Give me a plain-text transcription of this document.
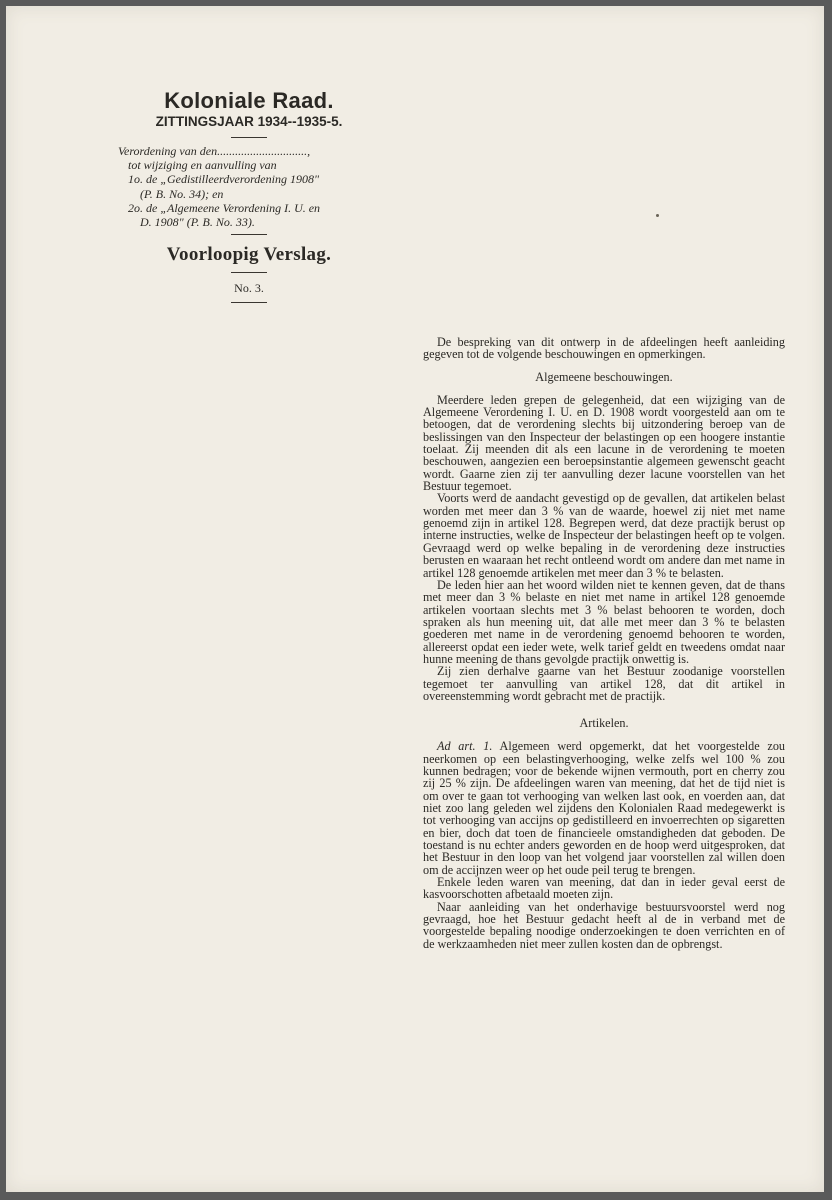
Koloniale Raad.

ZITTINGSJAAR 1934--1935-5.

Verordening van den..............................,
tot wijziging en aanvulling van
1o. de „Gedistilleerdverordening 1908"
(P. B. No. 34); en
2o. de „Algemeene Verordening I. U. en
D. 1908" (P. B. No. 33).

Voorloopig Verslag.

No. 3.

De bespreking van dit ontwerp in de afdeelingen heeft aanleiding gegeven tot de volgende beschouwingen en opmerkingen.

Algemeene beschouwingen.

Meerdere leden grepen de gelegenheid, dat een wijziging van de Algemeene Verordening I. U. en D. 1908 wordt voorgesteld aan om te betoogen, dat de verordening slechts bij uitzondering beroep van de beslissingen van den Inspecteur der belastingen op een hoogere instantie toelaat. Zij meenden dit als een lacune in de verordening te moeten beschouwen, aangezien een beroepsinstantie algemeen gewenscht geacht wordt. Gaarne zien zij ter aanvulling dezer lacune voorstellen van het Bestuur tegemoet.

Voorts werd de aandacht gevestigd op de gevallen, dat artikelen belast worden met meer dan 3 % van de waarde, hoewel zij niet met name genoemd zijn in artikel 128. Begrepen werd, dat deze practijk berust op interne instructies, welke de Inspecteur der belastingen heeft op te volgen. Gevraagd werd op welke bepaling in de verordening deze instructies berusten en waaraan het recht ontleend wordt om andere dan met name in artikel 128 genoemde artikelen met meer dan 3 % te belasten.

De leden hier aan het woord wilden niet te kennen geven, dat de thans met meer dan 3 % belaste en niet met name in artikel 128 genoemde artikelen voortaan slechts met 3 % belast behooren te worden, doch spraken als hun meening uit, dat alle met meer dan 3 % te belasten goederen met name in de verordening genoemd behooren te worden, allereerst opdat een ieder wete, welk tarief geldt en tweedens omdat naar hunne meening de thans gevolgde practijk onwettig is.

Zij zien derhalve gaarne van het Bestuur zoodanige voorstellen tegemoet ter aanvulling van artikel 128, dat dit artikel in overeenstemming wordt gebracht met de practijk.

Artikelen.

Ad art. 1. Algemeen werd opgemerkt, dat het voorgestelde zou neerkomen op een belastingverhooging, welke zelfs wel 100 % zou kunnen bedragen; voor de bekende wijnen vermouth, port en cherry zou zij 25 % zijn. De afdeelingen waren van meening, dat het de tijd niet is om over te gaan tot verhooging van welken last ook, en voerden aan, dat niet zoo lang geleden wel zijdens den Kolonialen Raad medegewerkt is tot verhooging van accijns op gedistilleerd en invoerrechten op sigaretten en bier, doch dat toen de financieele omstandigheden dat geboden. De toestand is nu echter anders geworden en de hoop werd uitgesproken, dat het Bestuur in den loop van het volgend jaar voorstellen zal willen doen om de accijnzen weer op het oude peil terug te brengen.

Enkele leden waren van meening, dat dan in ieder geval eerst de kasvoorschotten afbetaald moeten zijn.

Naar aanleiding van het onderhavige bestuursvoorstel werd nog gevraagd, hoe het Bestuur gedacht heeft al de in verband met de voorgestelde bepaling noodige onderzoekingen te doen verrichten en of de werkzaamheden niet meer zullen kosten dan de opbrengst.
